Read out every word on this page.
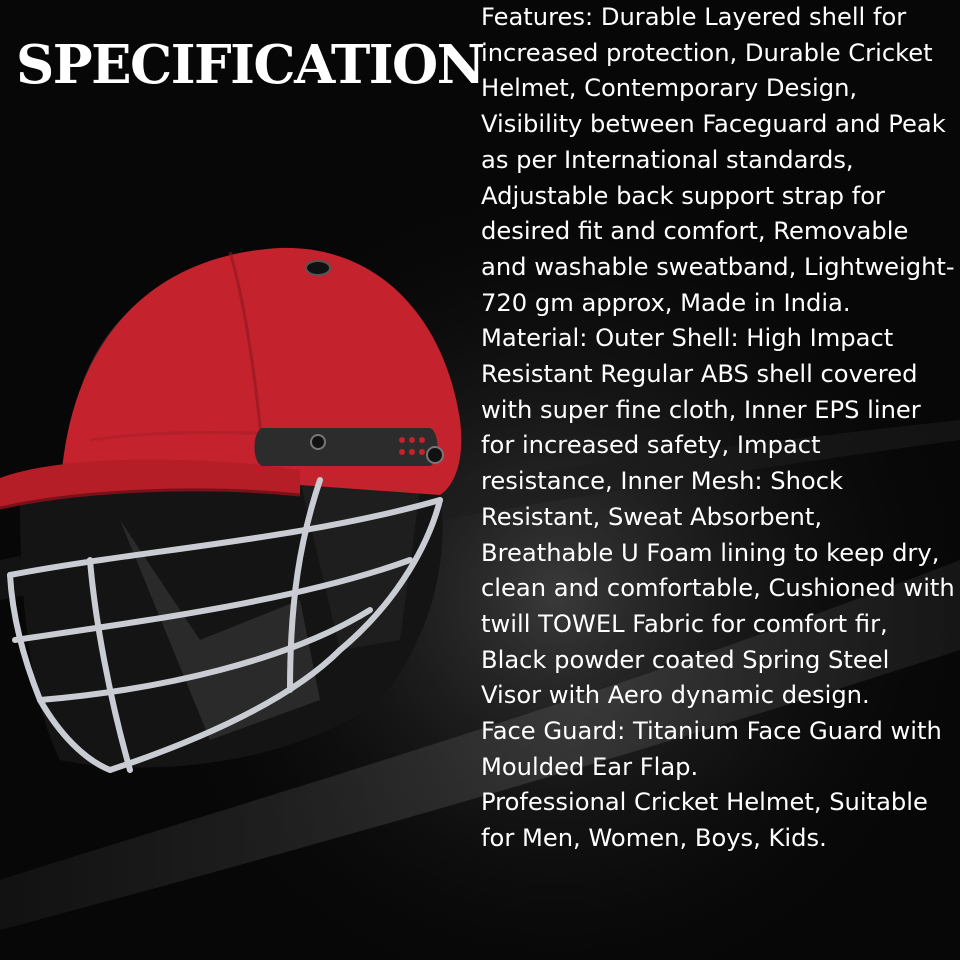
SPECIFICATION

Features: Durable Layered shell for increased protection, Durable Cricket Helmet, Contemporary Design, Visibility between Faceguard and Peak as per International standards, Adjustable back support strap for desired fit and comfort, Removable and washable sweatband, Lightweight- 720 gm approx, Made in India.

Material: Outer Shell: High Impact Resistant Regular ABS shell covered with super fine cloth, Inner EPS liner for increased safety, Impact resistance, Inner Mesh: Shock Resistant, Sweat Absorbent, Breathable U Foam lining to keep dry, clean and comfortable, Cushioned with twill TOWEL Fabric for comfort fir, Black powder coated Spring Steel Visor with Aero dynamic design.

Face Guard: Titanium Face Guard with Moulded Ear Flap.

Professional Cricket Helmet, Suitable for Men, Women, Boys, Kids.
